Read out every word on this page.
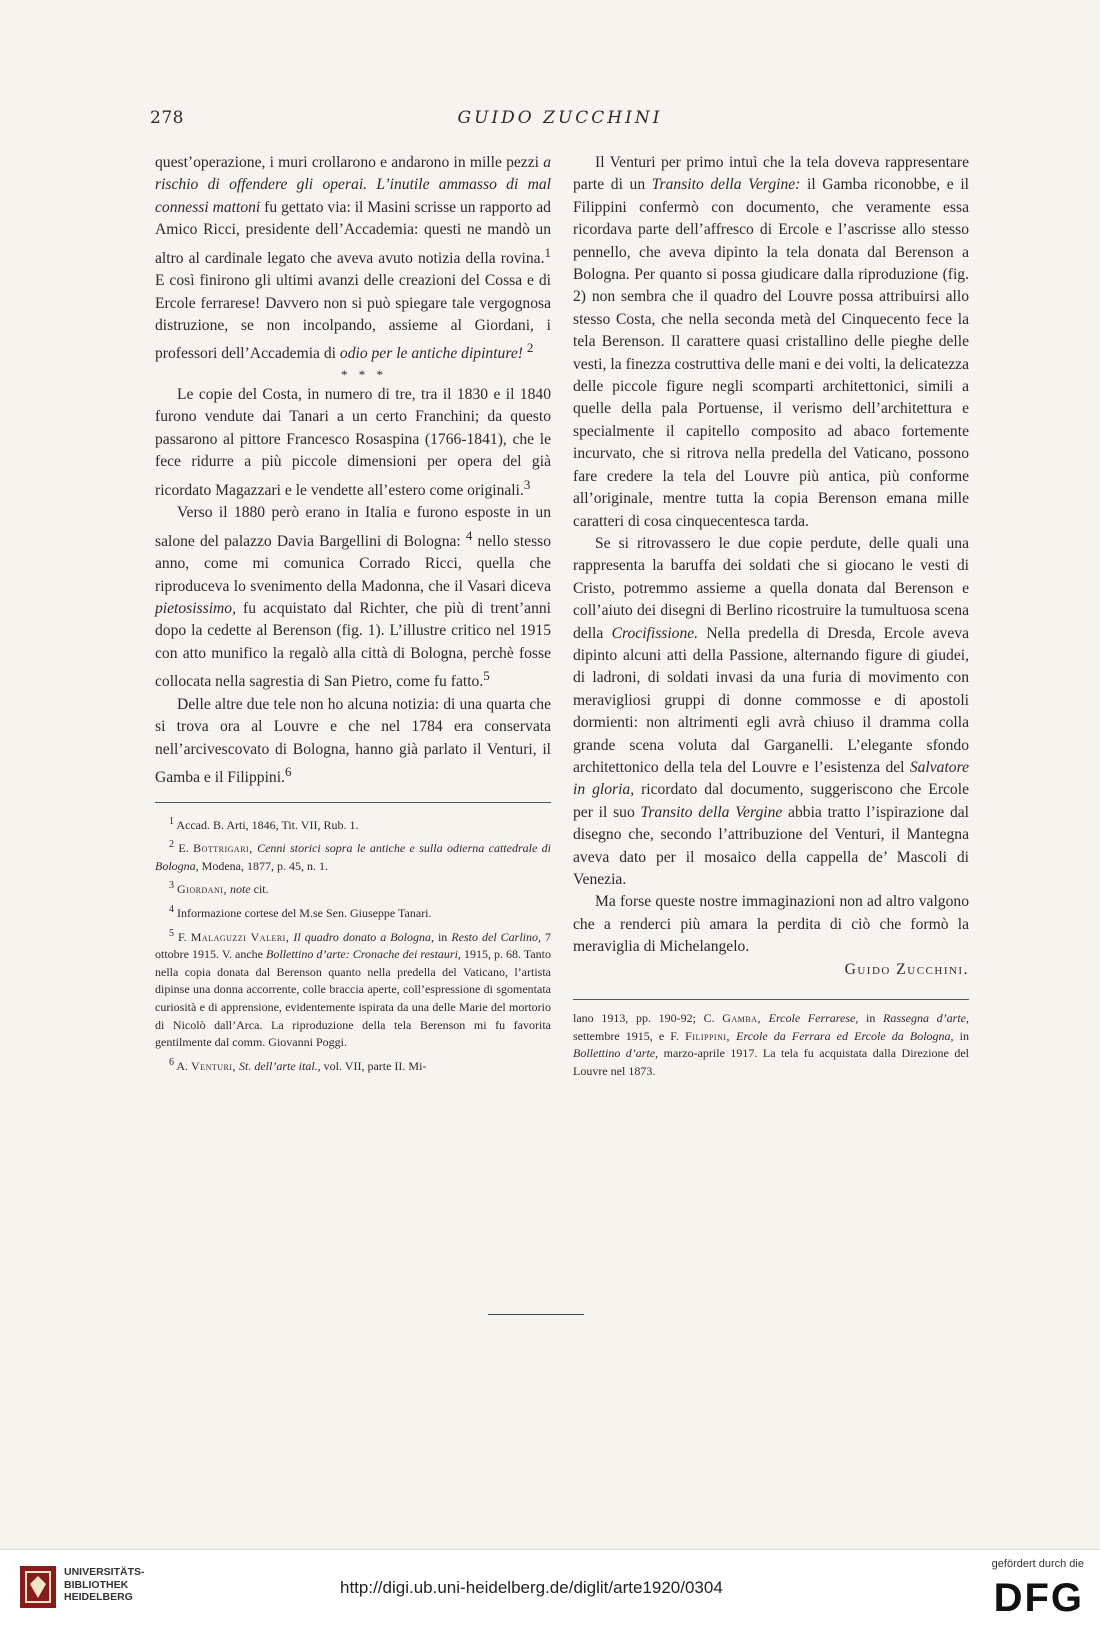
278	GUIDO ZUCCHINI

quest’operazione, i muri crollarono e andarono in mille pezzi a rischio di offendere gli operai. L’inutile ammasso di mal connessi mattoni fu gettato via: il Masini scrisse un rapporto ad Amico Ricci, presidente dell’Accademia: questi ne mandò un altro al cardinale legato che aveva avuto notizia della rovina.$^1$ E così finirono gli ultimi avanzi delle creazioni del Cossa e di Ercole ferrarese! Davvero non si può spiegare tale vergognosa distruzione, se non incolpando, assieme al Giordani, i professori dell’Accademia di odio per le antiche dipinture! $^2$

* * *

Le copie del Costa, in numero di tre, tra il 1830 e il 1840 furono vendute dai Tanari a un certo Franchini; da questo passarono al pittore Francesco Rosaspina (1766-1841), che le fece ridurre a più piccole dimensioni per opera del già ricordato Magazzari e le vendette all’estero come originali.$^3$

Verso il 1880 però erano in Italia e furono esposte in un salone del palazzo Davia Bargellini di Bologna: $^4$ nello stesso anno, come mi comunica Corrado Ricci, quella che riproduceva lo svenimento della Madonna, che il Vasari diceva pietosissimo, fu acquistato dal Richter, che più di trent’anni dopo la cedette al Berenson (fig. 1). L’illustre critico nel 1915 con atto munifico la regalò alla città di Bologna, perchè fosse collocata nella sagrestia di San Pietro, come fu fatto.$^5$

Delle altre due tele non ho alcuna notizia: di una quarta che si trova ora al Louvre e che nel 1784 era conservata nell’arcivescovato di Bologna, hanno già parlato il Venturi, il Gamba e il Filippini.$^6$

$^1$ Accad. B. Arti, 1846, Tit. VII, Rub. 1.

$^2$ E. Bottrigari, Cenni storici sopra le antiche e sulla odierna cattedrale di Bologna, Modena, 1877, p. 45, n. 1.

$^3$ Giordani, note cit.

$^4$ Informazione cortese del M.se Sen. Giuseppe Tanari.

$^5$ F. Malaguzzi Valeri, Il quadro donato a Bologna, in Resto del Carlino, 7 ottobre 1915. V. anche Bollettino d’arte: Cronache dei restauri, 1915, p. 68. Tanto nella copia donata dal Berenson quanto nella predella del Vaticano, l’artista dipinse una donna accorrente, colle braccia aperte, coll’espressione di sgomentata curiosità e di apprensione, evidentemente ispirata da una delle Marie del mortorio di Nicolò dall’Arca. La riproduzione della tela Berenson mi fu favorita gentilmente dal comm. Giovanni Poggi.

$^6$ A. Venturi, St. dell’arte ital., vol. VII, parte II. Mi-

Il Venturi per primo intuì che la tela doveva rappresentare parte di un Transito della Vergine: il Gamba riconobbe, e il Filippini confermò con documento, che veramente essa ricordava parte dell’affresco di Ercole e l’ascrisse allo stesso pennello, che aveva dipinto la tela donata dal Berenson a Bologna. Per quanto si possa giudicare dalla riproduzione (fig. 2) non sembra che il quadro del Louvre possa attribuirsi allo stesso Costa, che nella seconda metà del Cinquecento fece la tela Berenson. Il carattere quasi cristallino delle pieghe delle vesti, la finezza costruttiva delle mani e dei volti, la delicatezza delle piccole figure negli scomparti architettonici, simili a quelle della pala Portuense, il verismo dell’architettura e specialmente il capitello composito ad abaco fortemente incurvato, che si ritrova nella predella del Vaticano, possono fare credere la tela del Louvre più antica, più conforme all’originale, mentre tutta la copia Berenson emana mille caratteri di cosa cinquecentesca tarda.

Se si ritrovassero le due copie perdute, delle quali una rappresenta la baruffa dei soldati che si giocano le vesti di Cristo, potremmo assieme a quella donata dal Berenson e coll’aiuto dei disegni di Berlino ricostruire la tumultuosa scena della Crocifissione. Nella predella di Dresda, Ercole aveva dipinto alcuni atti della Passione, alternando figure di giudei, di ladroni, di soldati invasi da una furia di movimento con meravigliosi gruppi di donne commosse e di apostoli dormienti: non altrimenti egli avrà chiuso il dramma colla grande scena voluta dal Garganelli. L’elegante sfondo architettonico della tela del Louvre e l’esistenza del Salvatore in gloria, ricordato dal documento, suggeriscono che Ercole per il suo Transito della Vergine abbia tratto l’ispirazione dal disegno che, secondo l’attribuzione del Venturi, il Mantegna aveva dato per il mosaico della cappella de’ Mascoli di Venezia.

Ma forse queste nostre immaginazioni non ad altro valgono che a renderci più amara la perdita di ciò che formò la meraviglia di Michelangelo.

Guido Zucchini.

lano 1913, pp. 190-92; C. Gamba, Ercole Ferrarese, in Rassegna d’arte, settembre 1915, e F. Filippini, Ercole da Ferrara ed Ercole da Bologna, in Bollettino d’arte, marzo-aprile 1917. La tela fu acquistata dalla Direzione del Louvre nel 1873.

UNIVERSITÄTS-
BIBLIOTHEK
HEIDELBERG	http://digi.ub.uni-heidelberg.de/diglit/arte1920/0304
gefördert durch die
DFG
